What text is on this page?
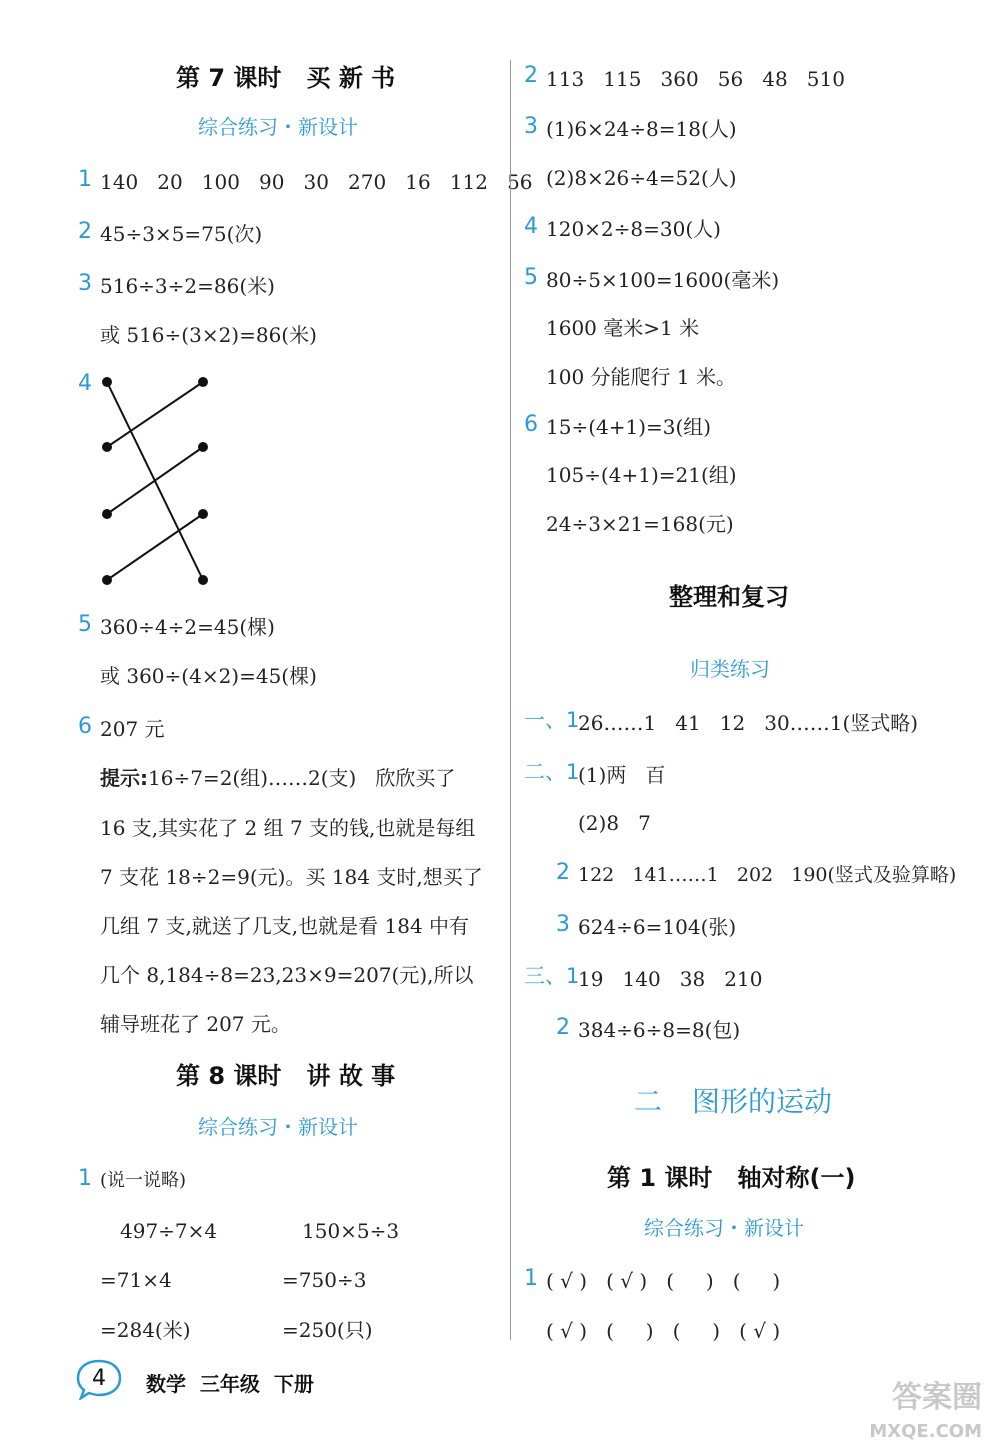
第 7 课时   买 新 书
综合练习・新设计
1 140   20   100   90   30   270   16   112   56
2 45÷3×5=75(次)
3 516÷3÷2=86(米)
或 516÷(3×2)=86(米)
4
5 360÷4÷2=45(棵)
或 360÷(4×2)=45(棵)
6 207 元
提示:16÷7=2(组)……2(支)   欣欣买了
16 支,其实花了 2 组 7 支的钱,也就是每组
7 支花 18÷2=9(元)。买 184 支时,想买了
几组 7 支,就送了几支,也就是看 184 中有
几个 8,184÷8=23,23×9=207(元),所以
辅导班花了 207 元。
第 8 课时   讲 故 事
综合练习・新设计
1 (说一说略)
497÷7×4
=71×4
=284(米)
150×5÷3
=750÷3
=250(只)
2 113   115   360   56   48   510
3 (1)6×24÷8=18(人)
(2)8×26÷4=52(人)
4 120×2÷8=30(人)
5 80÷5×100=1600(毫米)
1600 毫米>1 米
100 分能爬行 1 米。
6 15÷(4+1)=3(组)
105÷(4+1)=21(组)
24÷3×21=168(元)
整理和复习
归类练习
一、1
26……1   41   12   30……1(竖式略)
二、1
(1)两   百
(2)8   7
2 122   141……1   202   190(竖式及验算略)
3 624÷6=104(张)
三、1
19   140   38   210
2 384÷6÷8=8(包)
二 图形的运动
第 1 课时   轴对称(一)
综合练习・新设计
1 ( √ )   ( √ )   (     )   (     )
( √ )   (     )   (     )   ( √ )
4	数学  三年级  下册	答案圈
MXQE.COM
